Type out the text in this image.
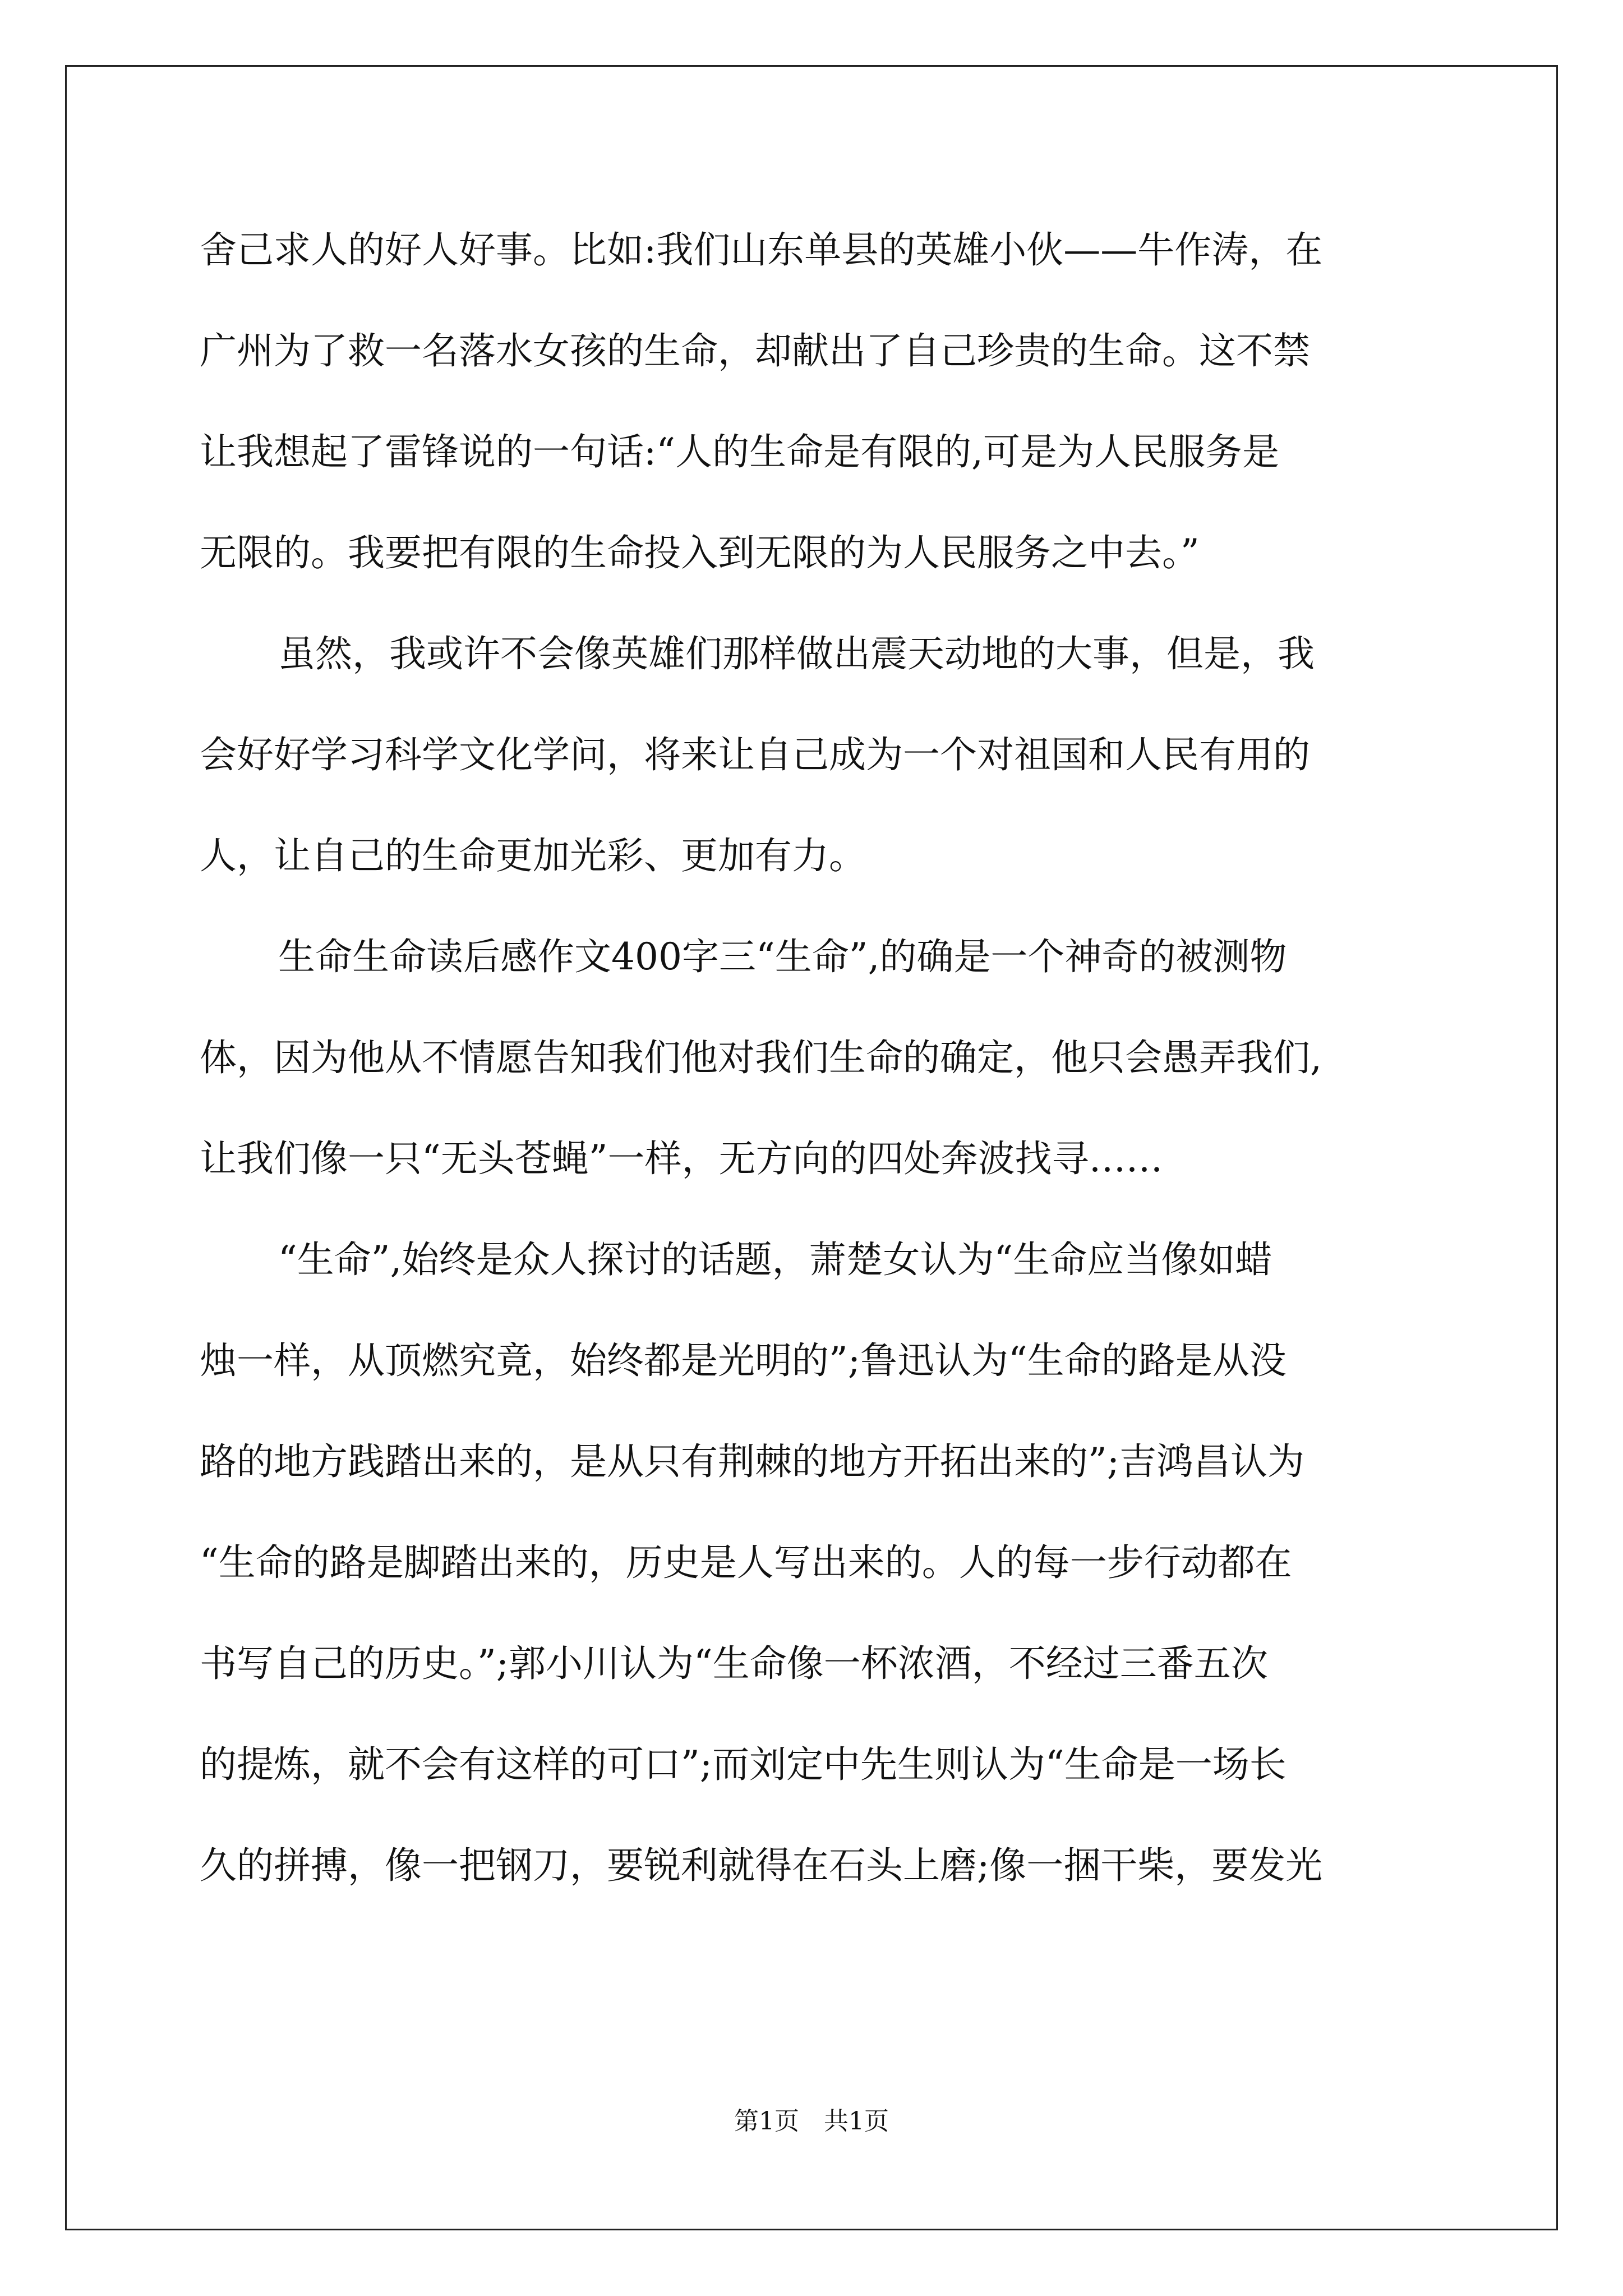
舍己求人的好人好事。比如:我们山东单县的英雄小伙——牛作涛，在
广州为了救一名落水女孩的生命，却献出了自己珍贵的生命。这不禁
让我想起了雷锋说的一句话:“人的生命是有限的,可是为人民服务是
无限的。我要把有限的生命投入到无限的为人民服务之中去。”
虽然，我或许不会像英雄们那样做出震天动地的大事，但是，我
会好好学习科学文化学问，将来让自己成为一个对祖国和人民有用的
人，让自己的生命更加光彩、更加有力。
生命生命读后感作文400字三“生命”,的确是一个神奇的被测物
体，因为他从不情愿告知我们他对我们生命的确定，他只会愚弄我们,
让我们像一只“无头苍蝇”一样，无方向的四处奔波找寻……
“生命”,始终是众人探讨的话题，萧楚女认为“生命应当像如蜡
烛一样，从顶燃究竟，始终都是光明的”;鲁迅认为“生命的路是从没
路的地方践踏出来的，是从只有荆棘的地方开拓出来的”;吉鸿昌认为
“生命的路是脚踏出来的，历史是人写出来的。人的每一步行动都在
书写自己的历史。”;郭小川认为“生命像一杯浓酒，不经过三番五次
的提炼，就不会有这样的可口”;而刘定中先生则认为“生命是一场长
久的拼搏，像一把钢刀，要锐利就得在石头上磨;像一捆干柴，要发光
第1页　共1页
